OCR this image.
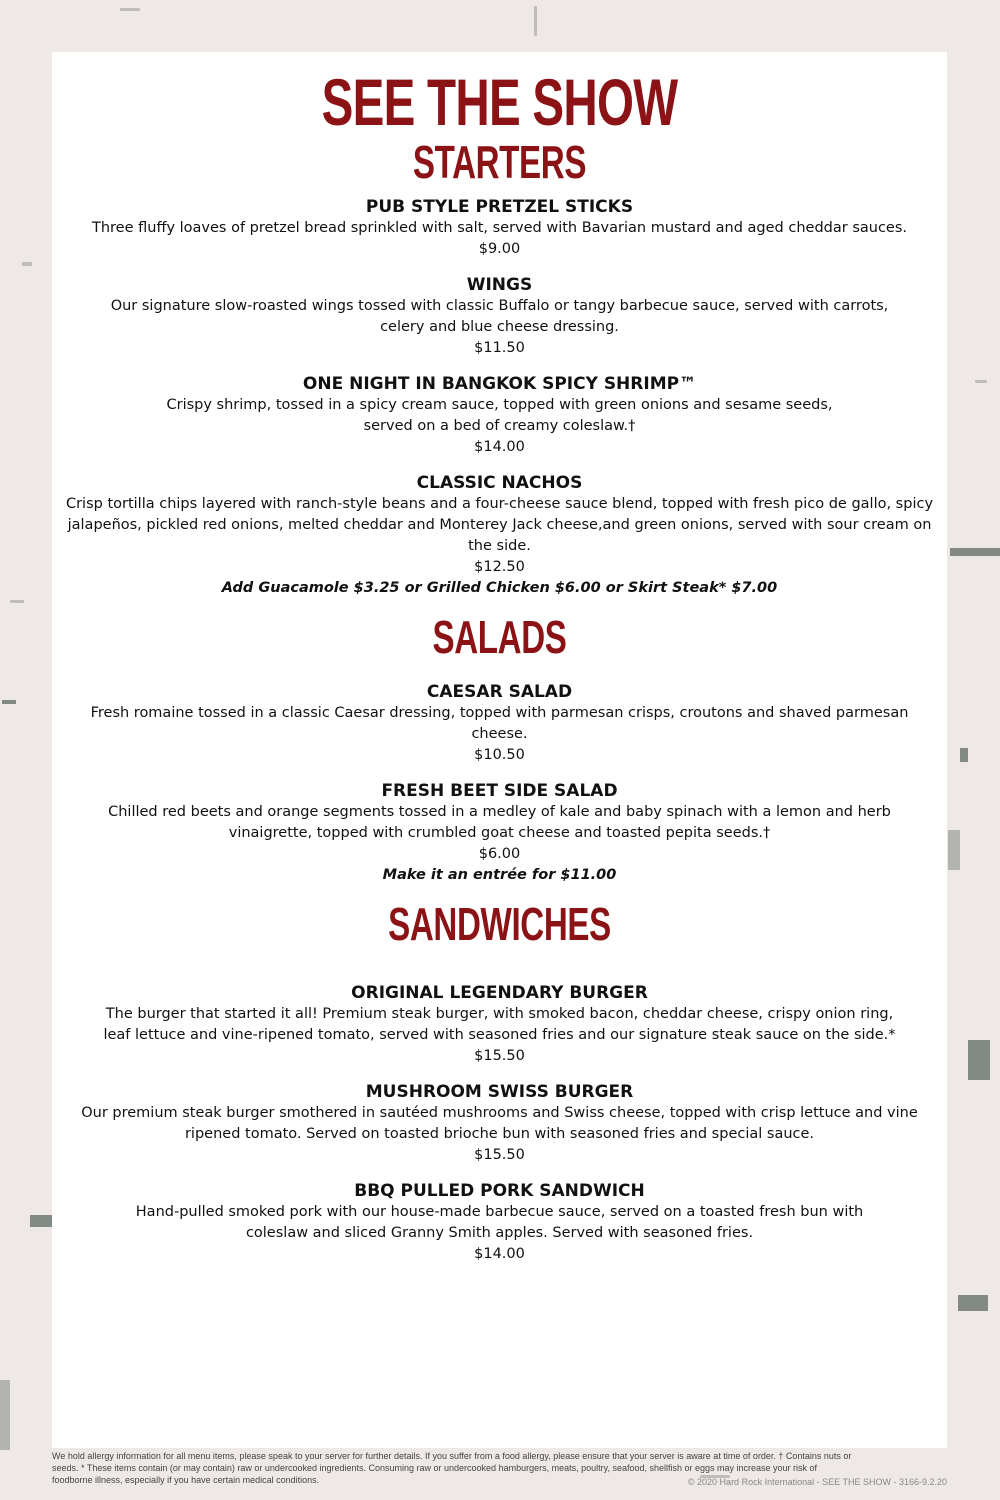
SEE THE SHOW
STARTERS
PUB STYLE PRETZEL STICKS
Three fluffy loaves of pretzel bread sprinkled with salt, served with Bavarian mustard and aged cheddar sauces.
$9.00
WINGS
Our signature slow-roasted wings tossed with classic Buffalo or tangy barbecue sauce, served with carrots, celery and blue cheese dressing.
$11.50
ONE NIGHT IN BANGKOK SPICY SHRIMP™
Crispy shrimp, tossed in a spicy cream sauce, topped with green onions and sesame seeds, served on a bed of creamy coleslaw.†
$14.00
CLASSIC NACHOS
Crisp tortilla chips layered with ranch-style beans and a four-cheese sauce blend, topped with fresh pico de gallo, spicy jalapeños, pickled red onions, melted cheddar and Monterey Jack cheese,and green onions, served with sour cream on the side.
$12.50
Add Guacamole $3.25 or Grilled Chicken $6.00 or Skirt Steak* $7.00
SALADS
CAESAR SALAD
Fresh romaine tossed in a classic Caesar dressing, topped with parmesan crisps, croutons and shaved parmesan cheese.
$10.50
FRESH BEET SIDE SALAD
Chilled red beets and orange segments tossed in a medley of kale and baby spinach with a lemon and herb vinaigrette, topped with crumbled goat cheese and toasted pepita seeds.†
$6.00
Make it an entrée for $11.00
SANDWICHES
ORIGINAL LEGENDARY BURGER
The burger that started it all! Premium steak burger, with smoked bacon, cheddar cheese, crispy onion ring, leaf lettuce and vine-ripened tomato, served with seasoned fries and our signature steak sauce on the side.*
$15.50
MUSHROOM SWISS BURGER
Our premium steak burger smothered in sautéed mushrooms and Swiss cheese, topped with crisp lettuce and vine ripened tomato. Served on toasted brioche bun with seasoned fries and special sauce.
$15.50
BBQ PULLED PORK SANDWICH
Hand-pulled smoked pork with our house-made barbecue sauce, served on a toasted fresh bun with coleslaw and sliced Granny Smith apples. Served with seasoned fries.
$14.00
We hold allergy information for all menu items, please speak to your server for further details. If you suffer from a food allergy, please ensure that your server is aware at time of order. † Contains nuts or seeds. * These items contain (or may contain) raw or undercooked ingredients. Consuming raw or undercooked hamburgers, meats, poultry, seafood, shellfish or eggs may increase your risk of foodborne illness, especially if you have certain medical conditions.	© 2020 Hard Rock International - SEE THE SHOW - 3166-9.2.20
